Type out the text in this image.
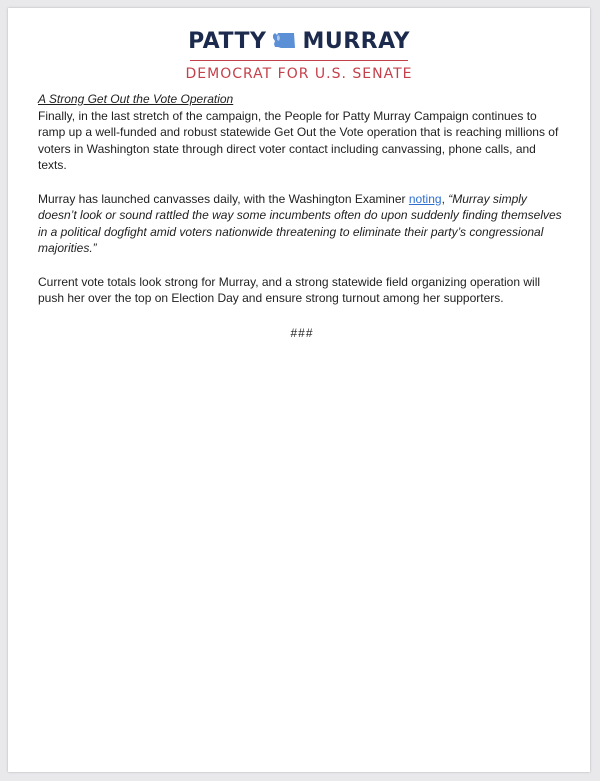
PATTY MURRAY
DEMOCRAT FOR U.S. SENATE

A Strong Get Out the Vote Operation

Finally, in the last stretch of the campaign, the People for Patty Murray Campaign continues to ramp up a well-funded and robust statewide Get Out the Vote operation that is reaching millions of voters in Washington state through direct voter contact including canvassing, phone calls, and texts.

Murray has launched canvasses daily, with the Washington Examiner noting, “Murray simply doesn’t look or sound rattled the way some incumbents often do upon suddenly finding themselves in a political dogfight amid voters nationwide threatening to eliminate their party’s congressional majorities.”

Current vote totals look strong for Murray, and a strong statewide field organizing operation will push her over the top on Election Day and ensure strong turnout among her supporters.

###
